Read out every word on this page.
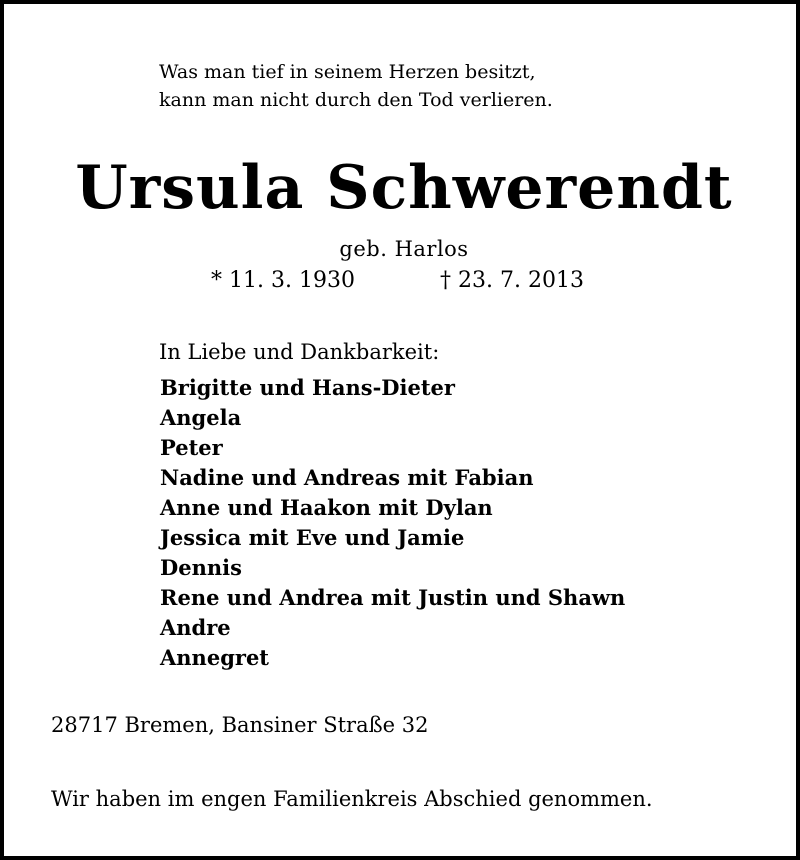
Was man tief in seinem Herzen besitzt,
kann man nicht durch den Tod verlieren.
Ursula Schwerendt
geb. Harlos
* 11. 3. 1930	† 23. 7. 2013
In Liebe und Dankbarkeit:
Brigitte und Hans-Dieter
Angela
Peter
Nadine und Andreas mit Fabian
Anne und Haakon mit Dylan
Jessica mit Eve und Jamie
Dennis
Rene und Andrea mit Justin und Shawn
Andre
Annegret
28717 Bremen, Bansiner Straße 32
Wir haben im engen Familienkreis Abschied genommen.
